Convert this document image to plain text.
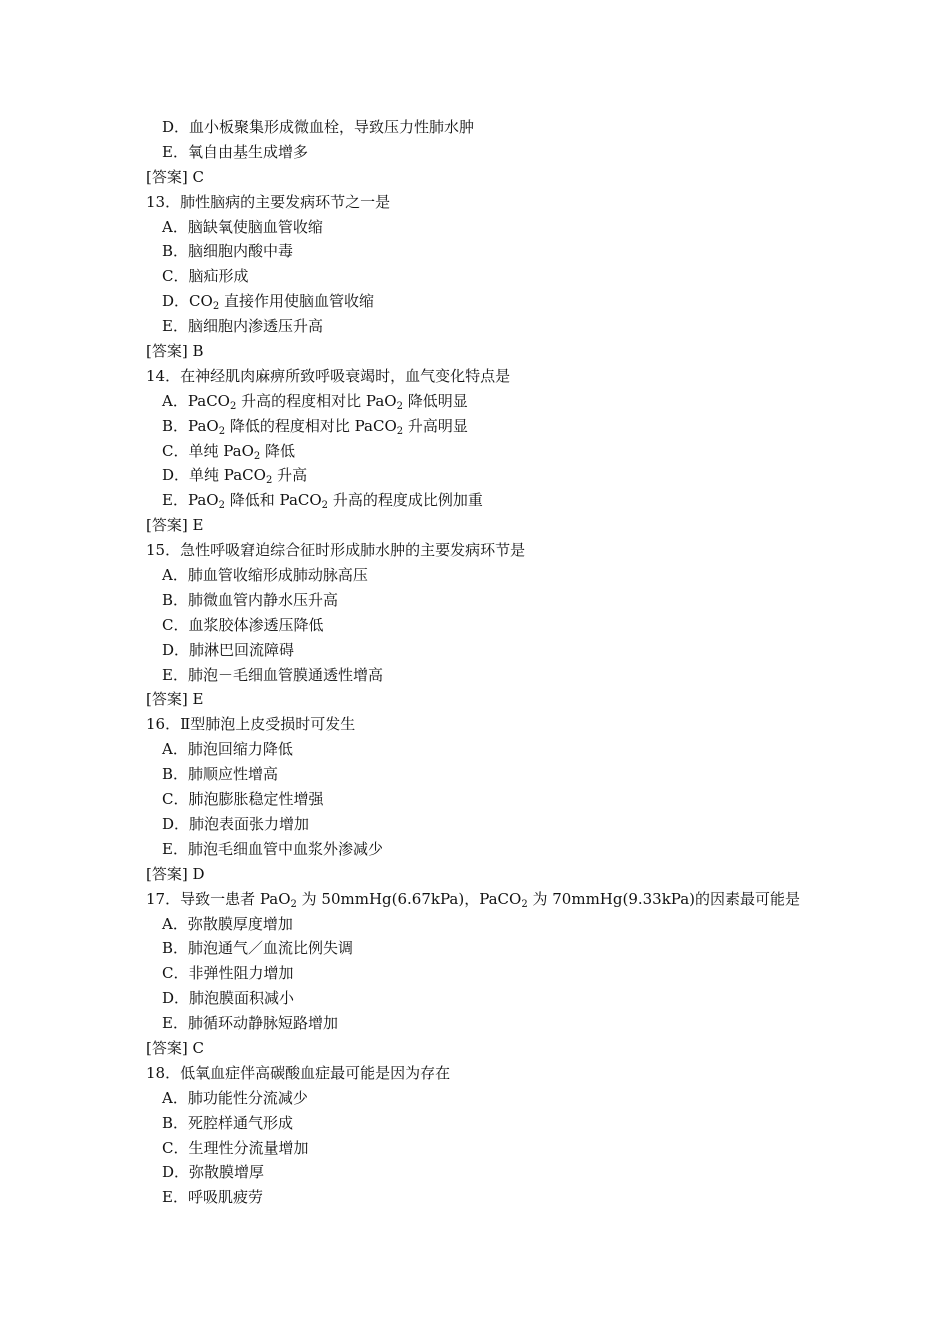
D．血小板聚集形成微血栓，导致压力性肺水肿
E．氧自由基生成增多
[答案] C
13．肺性脑病的主要发病环节之一是
A．脑缺氧使脑血管收缩
B．脑细胞内酸中毒
C．脑疝形成
D．$CO_2$ 直接作用使脑血管收缩
E．脑细胞内渗透压升高
[答案] B
14．在神经肌肉麻痹所致呼吸衰竭时，血气变化特点是
A．PaCO$_2$ 升高的程度相对比 PaO$_2$ 降低明显
B．PaO$_2$ 降低的程度相对比 PaCO$_2$ 升高明显
C．单纯 PaO$_2$ 降低
D．单纯 PaCO$_2$ 升高
E．PaO$_2$ 降低和 PaCO$_2$ 升高的程度成比例加重
[答案] E
15．急性呼吸窘迫综合征时形成肺水肿的主要发病环节是
A．肺血管收缩形成肺动脉高压
B．肺微血管内静水压升高
C．血浆胶体渗透压降低
D．肺淋巴回流障碍
E．肺泡－毛细血管膜通透性增高
[答案] E
16．Ⅱ型肺泡上皮受损时可发生
A．肺泡回缩力降低
B．肺顺应性增高
C．肺泡膨胀稳定性增强
D．肺泡表面张力增加
E．肺泡毛细血管中血浆外渗减少
[答案] D
17．导致一患者 PaO$_2$ 为 50mmHg(6.67kPa)，PaCO$_2$ 为 70mmHg(9.33kPa)的因素最可能是
A．弥散膜厚度增加
B．肺泡通气／血流比例失调
C．非弹性阻力增加
D．肺泡膜面积减小
E．肺循环动静脉短路增加
[答案] C
18．低氧血症伴高碳酸血症最可能是因为存在
A．肺功能性分流减少
B．死腔样通气形成
C．生理性分流量增加
D．弥散膜增厚
E．呼吸肌疲劳
